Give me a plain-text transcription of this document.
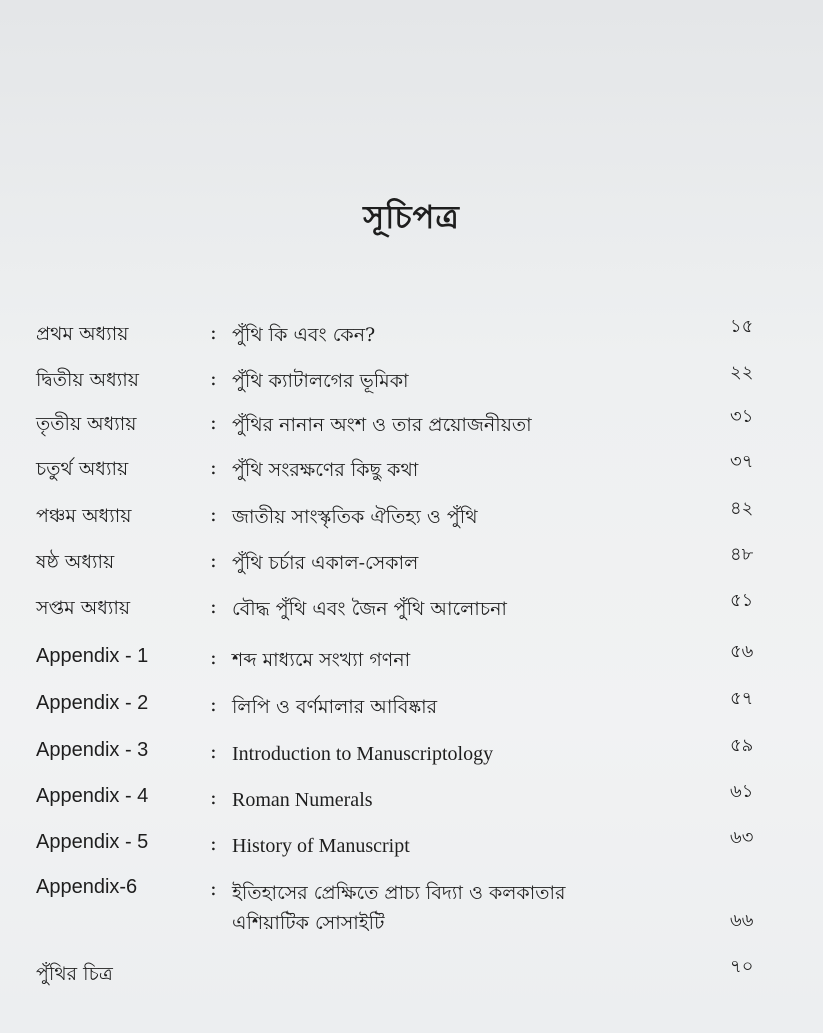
সূচিপত্র
প্রথম অধ্যায়	: পুঁথি কি এবং কেন?	১৫
দ্বিতীয় অধ্যায়	: পুঁথি ক্যাটালগের ভূমিকা	২২
তৃতীয় অধ্যায়	: পুঁথির নানান অংশ ও তার প্রয়োজনীয়তা	৩১
চতুর্থ অধ্যায়	: পুঁথি সংরক্ষণের কিছু কথা	৩৭
পঞ্চম অধ্যায়	: জাতীয় সাংস্কৃতিক ঐতিহ্য ও পুঁথি	৪২
ষষ্ঠ অধ্যায়	: পুঁথি চর্চার একাল-সেকাল	৪৮
সপ্তম অধ্যায়	: বৌদ্ধ পুঁথি এবং জৈন পুঁথি আলোচনা	৫১
Appendix - 1	: শব্দ মাধ্যমে সংখ্যা গণনা	৫৬
Appendix - 2	: লিপি ও বর্ণমালার আবিষ্কার	৫৭
Appendix - 3	: Introduction to Manuscriptology	৫৯
Appendix - 4	: Roman Numerals	৬১
Appendix - 5	: History of Manuscript	৬৩
Appendix-6	: ইতিহাসের প্রেক্ষিতে প্রাচ্য বিদ্যা ও কলকাতার
এশিয়াটিক সোসাইটি	৬৬
পুঁথির চিত্র	৭০
